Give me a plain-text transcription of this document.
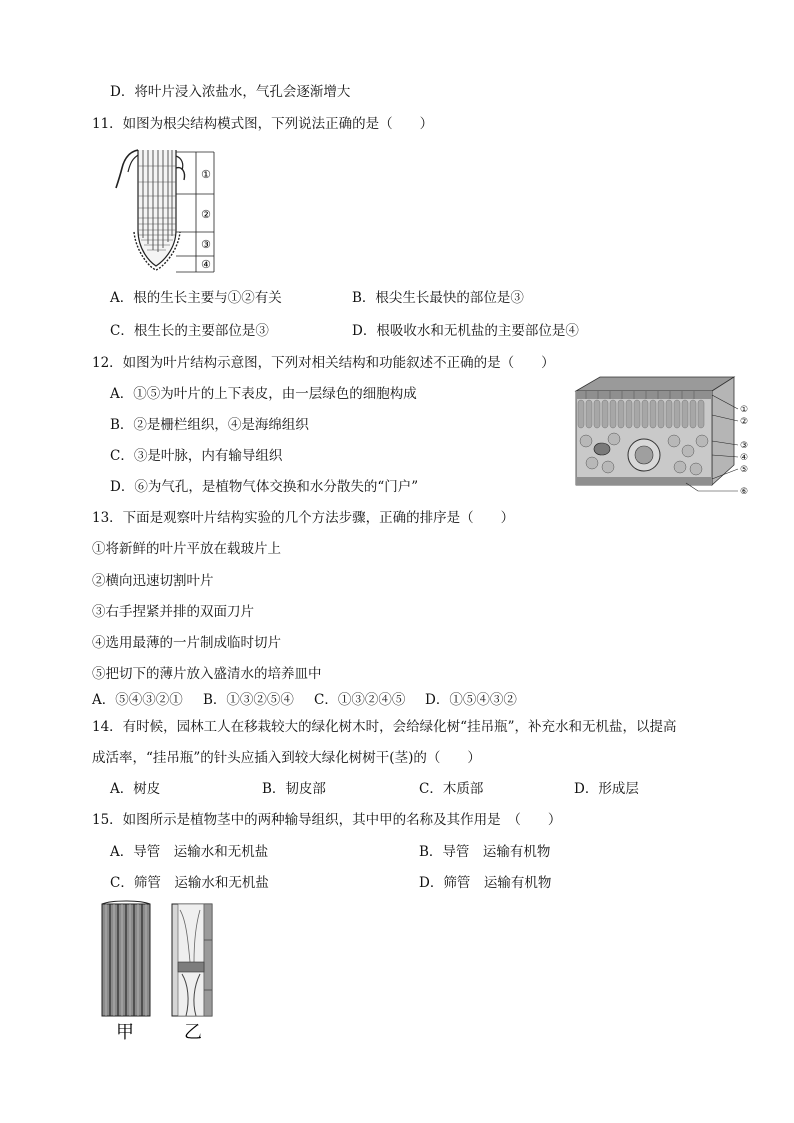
D．将叶片浸入浓盐水，气孔会逐渐增大
11．如图为根尖结构模式图，下列说法正确的是（　　）
①
②
③
④
A．根的生长主要与①②有关	B．根尖生长最快的部位是③
C．根生长的主要部位是③	D．根吸收水和无机盐的主要部位是④
12．如图为叶片结构示意图，下列对相关结构和功能叙述不正确的是（　　）
A．①⑤为叶片的上下表皮，由一层绿色的细胞构成
B．②是栅栏组织，④是海绵组织
C．③是叶脉，内有输导组织
D．⑥为气孔，是植物气体交换和水分散失的“门户”
①
②
③
④
⑤
⑥
13．下面是观察叶片结构实验的几个方法步骤，正确的排序是（　　）
①将新鲜的叶片平放在载玻片上
②横向迅速切割叶片
③右手捏紧并排的双面刀片
④选用最薄的一片制成临时切片
⑤把切下的薄片放入盛清水的培养皿中
A．⑤④③②① B．①③②⑤④ C．①③②④⑤ D．①⑤④③②
14．有时候，园林工人在移栽较大的绿化树木时，会给绿化树“挂吊瓶”，补充水和无机盐，以提高
成活率，“挂吊瓶”的针头应插入到较大绿化树树干(茎)的（　　）
A．树皮	B．韧皮部	C．木质部	D．形成层
15．如图所示是植物茎中的两种输导组织，其中甲的名称及其作用是　（　　）
A．导管　运输水和无机盐	B．导管　运输有机物
C．筛管　运输水和无机盐	D．筛管　运输有机物
甲	乙
